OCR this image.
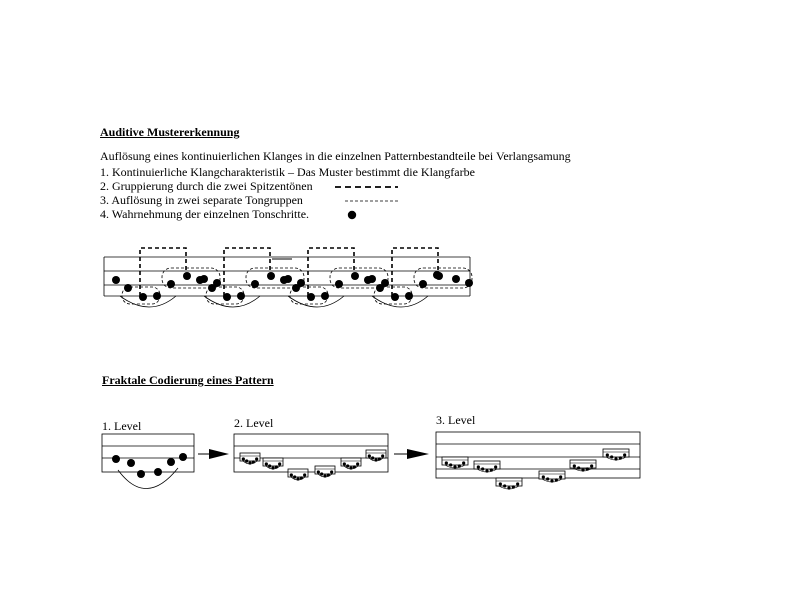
Auditive Mustererkennung
Auflösung eines kontinuierlichen Klanges in die einzelnen Patternbestandteile bei Verlangsamung
1. Kontinuierliche Klangcharakteristik – Das Muster bestimmt die Klangfarbe
2. Gruppierung durch die zwei Spitzentönen
3. Auflösung in zwei separate Tongruppen
4. Wahrnehmung der einzelnen Tonschritte.
Fraktale Codierung eines Pattern
1. Level	2. Level	3. Level
